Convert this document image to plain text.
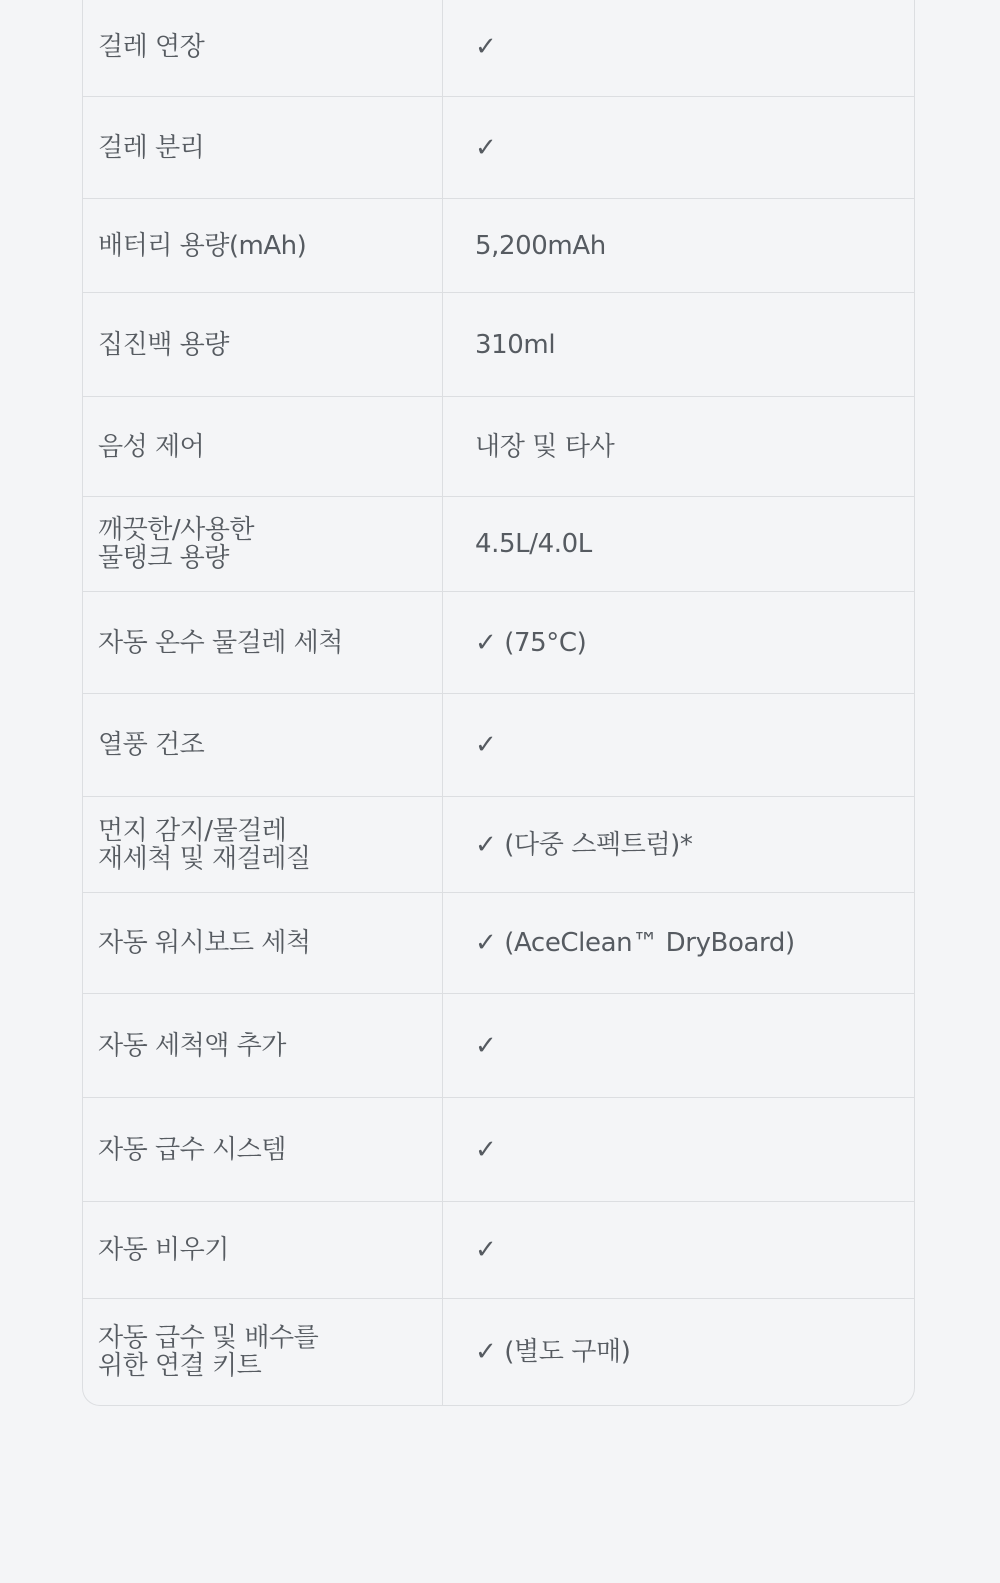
걸레 연장	✓
걸레 분리	✓
배터리 용량(mAh)	5,200mAh
집진백 용량	310ml
음성 제어	내장 및 타사
깨끗한/사용한
물탱크 용량	4.5L/4.0L
자동 온수 물걸레 세척	✓ (75°C)
열풍 건조	✓
먼지 감지/물걸레
재세척 및 재걸레질	✓ (다중 스펙트럼)*
자동 워시보드 세척	✓ (AceClean™ DryBoard)
자동 세척액 추가	✓
자동 급수 시스템	✓
자동 비우기	✓
자동 급수 및 배수를
위한 연결 키트	✓ (별도 구매)
